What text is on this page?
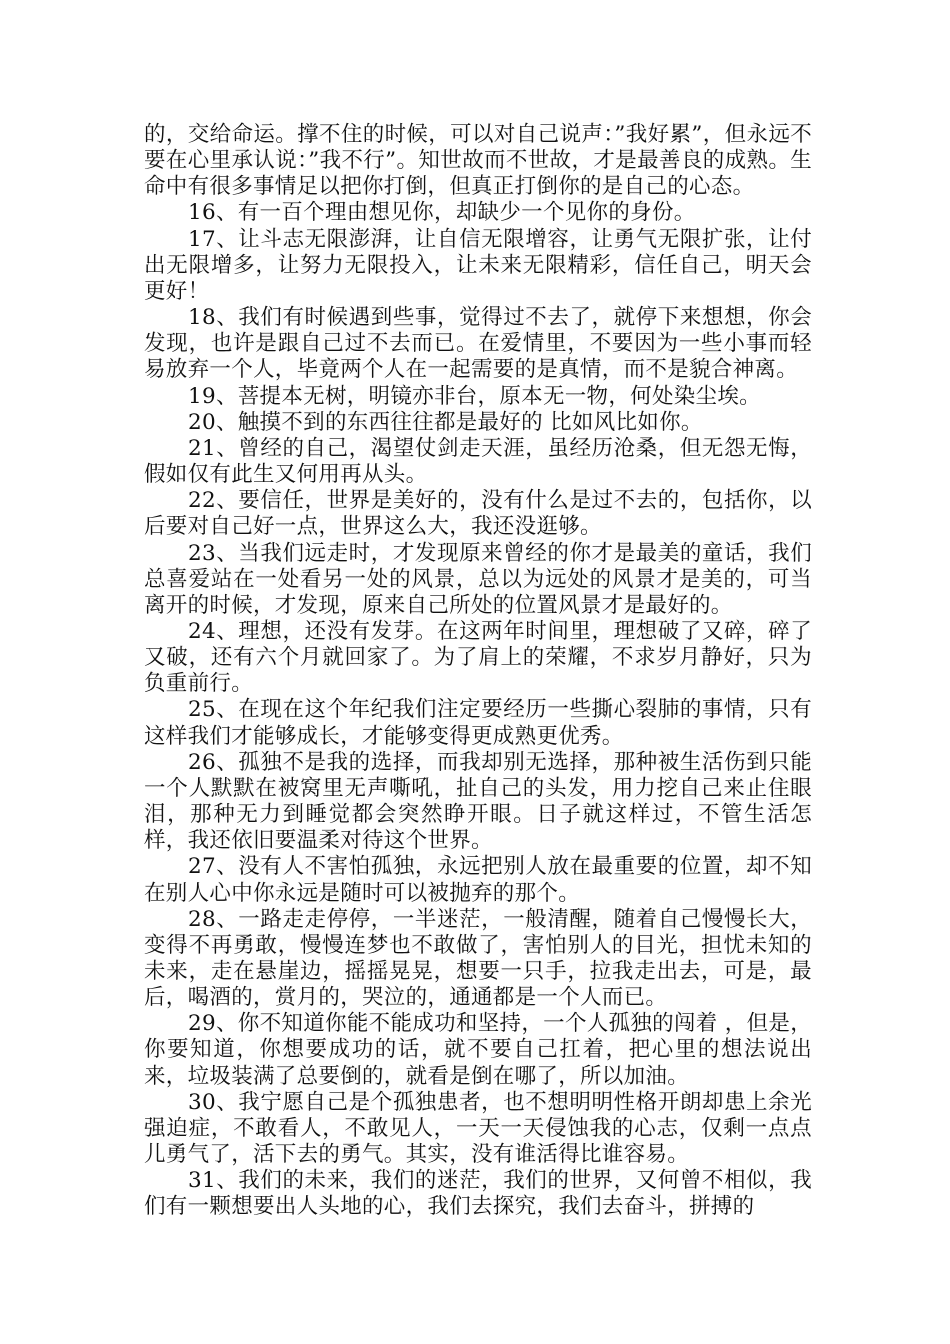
的，交给命运。撑不住的时候，可以对自己说声：”我好累”，但永远不要在心里承认说：”我不行”。知世故而不世故，才是最善良的成熟。生命中有很多事情足以把你打倒，但真正打倒你的是自己的心态。

16、有一百个理由想见你，却缺少一个见你的身份。

17、让斗志无限澎湃，让自信无限增容，让勇气无限扩张，让付出无限增多，让努力无限投入，让未来无限精彩，信任自己，明天会更好！

18、我们有时候遇到些事，觉得过不去了，就停下来想想，你会发现，也许是跟自己过不去而已。在爱情里，不要因为一些小事而轻易放弃一个人，毕竟两个人在一起需要的是真情，而不是貌合神离。

19、菩提本无树，明镜亦非台，原本无一物，何处染尘埃。

20、触摸不到的东西往往都是最好的 比如风比如你。

21、曾经的自己，渴望仗剑走天涯，虽经历沧桑，但无怨无悔，假如仅有此生又何用再从头。

22、要信任，世界是美好的，没有什么是过不去的，包括你，以后要对自己好一点，世界这么大，我还没逛够。

23、当我们远走时，才发现原来曾经的你才是最美的童话，我们总喜爱站在一处看另一处的风景，总以为远处的风景才是美的，可当离开的时候，才发现，原来自己所处的位置风景才是最好的。

24、理想，还没有发芽。在这两年时间里，理想破了又碎，碎了又破，还有六个月就回家了。为了肩上的荣耀，不求岁月静好，只为负重前行。

25、在现在这个年纪我们注定要经历一些撕心裂肺的事情，只有这样我们才能够成长，才能够变得更成熟更优秀。

26、孤独不是我的选择，而我却别无选择，那种被生活伤到只能一个人默默在被窝里无声嘶吼，扯自己的头发，用力挖自己来止住眼泪，那种无力到睡觉都会突然睁开眼。日子就这样过，不管生活怎样，我还依旧要温柔对待这个世界。

27、没有人不害怕孤独，永远把别人放在最重要的位置，却不知在别人心中你永远是随时可以被抛弃的那个。

28、一路走走停停，一半迷茫，一般清醒，随着自己慢慢长大，变得不再勇敢，慢慢连梦也不敢做了，害怕别人的目光，担忧未知的未来，走在悬崖边，摇摇晃晃，想要一只手，拉我走出去，可是，最后，喝酒的，赏月的，哭泣的，通通都是一个人而已。

29、你不知道你能不能成功和坚持，一个人孤独的闯着 ，但是，你要知道，你想要成功的话，就不要自己扛着，把心里的想法说出来，垃圾装满了总要倒的，就看是倒在哪了，所以加油。

30、我宁愿自己是个孤独患者，也不想明明性格开朗却患上余光强迫症，不敢看人，不敢见人，一天一天侵蚀我的心志，仅剩一点点儿勇气了，活下去的勇气。其实，没有谁活得比谁容易。

31、我们的未来，我们的迷茫，我们的世界，又何曾不相似，我们有一颗想要出人头地的心，我们去探究，我们去奋斗，拼搏的
